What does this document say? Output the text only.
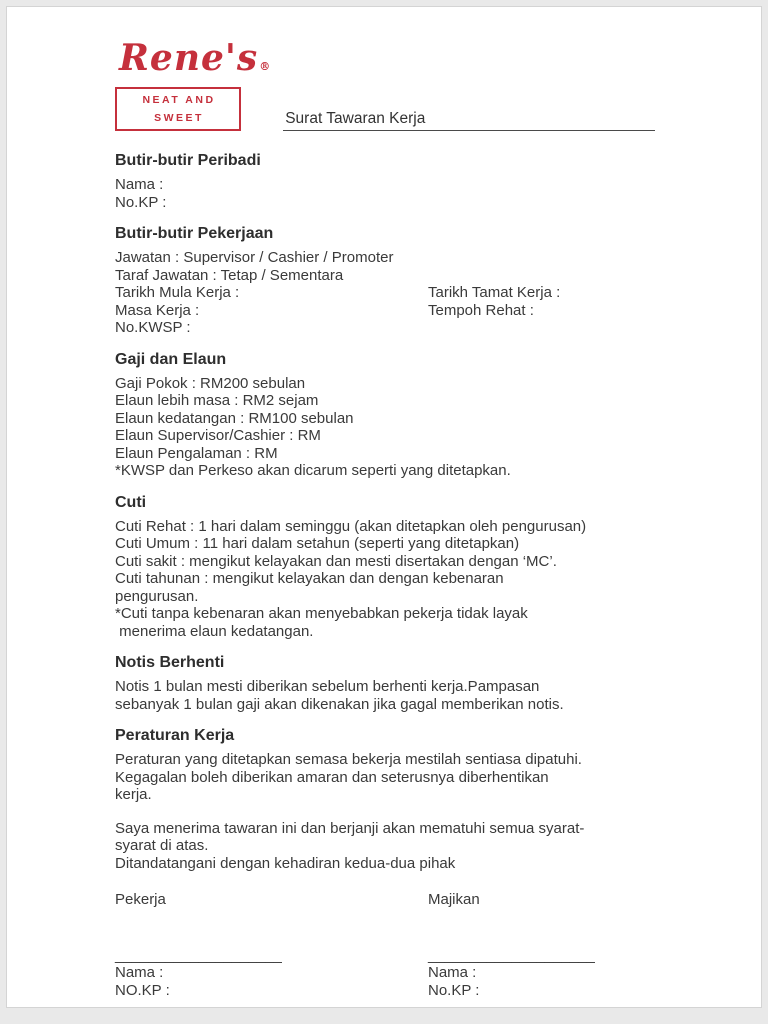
Rene's®
NEAT AND SWEET	Surat Tawaran Kerja
Butir-butir Peribadi
Nama :
No.KP :
Butir-butir Pekerjaan
Jawatan : Supervisor / Cashier / Promoter
Taraf Jawatan : Tetap / Sementara
Tarikh Mula Kerja :	Tarikh Tamat Kerja :
Masa Kerja :	Tempoh Rehat :
No.KWSP :
Gaji dan Elaun
Gaji Pokok : RM200 sebulan
Elaun lebih masa : RM2 sejam
Elaun kedatangan : RM100 sebulan
Elaun Supervisor/Cashier : RM
Elaun Pengalaman : RM
*KWSP dan Perkeso akan dicarum seperti yang ditetapkan.
Cuti
Cuti Rehat : 1 hari dalam seminggu (akan ditetapkan oleh pengurusan)
Cuti Umum : 11 hari dalam setahun (seperti yang ditetapkan)
Cuti sakit : mengikut kelayakan dan mesti disertakan dengan ‘MC’.
Cuti tahunan : mengikut kelayakan dan dengan kebenaran
pengurusan.
*Cuti tanpa kebenaran akan menyebabkan pekerja tidak layak
menerima elaun kedatangan.
Notis Berhenti
Notis 1 bulan mesti diberikan sebelum berhenti kerja.Pampasan
sebanyak 1 bulan gaji akan dikenakan jika gagal memberikan notis.
Peraturan Kerja
Peraturan yang ditetapkan semasa bekerja mestilah sentiasa dipatuhi.
Kegagalan boleh diberikan amaran dan seterusnya diberhentikan
kerja.
Saya menerima tawaran ini dan berjanji akan mematuhi semua syarat-
syarat di atas.
Ditandatangani dengan kehadiran kedua-dua pihak
Pekerja	Majikan
____________________	____________________
Nama :	Nama :
NO.KP :	No.KP :
